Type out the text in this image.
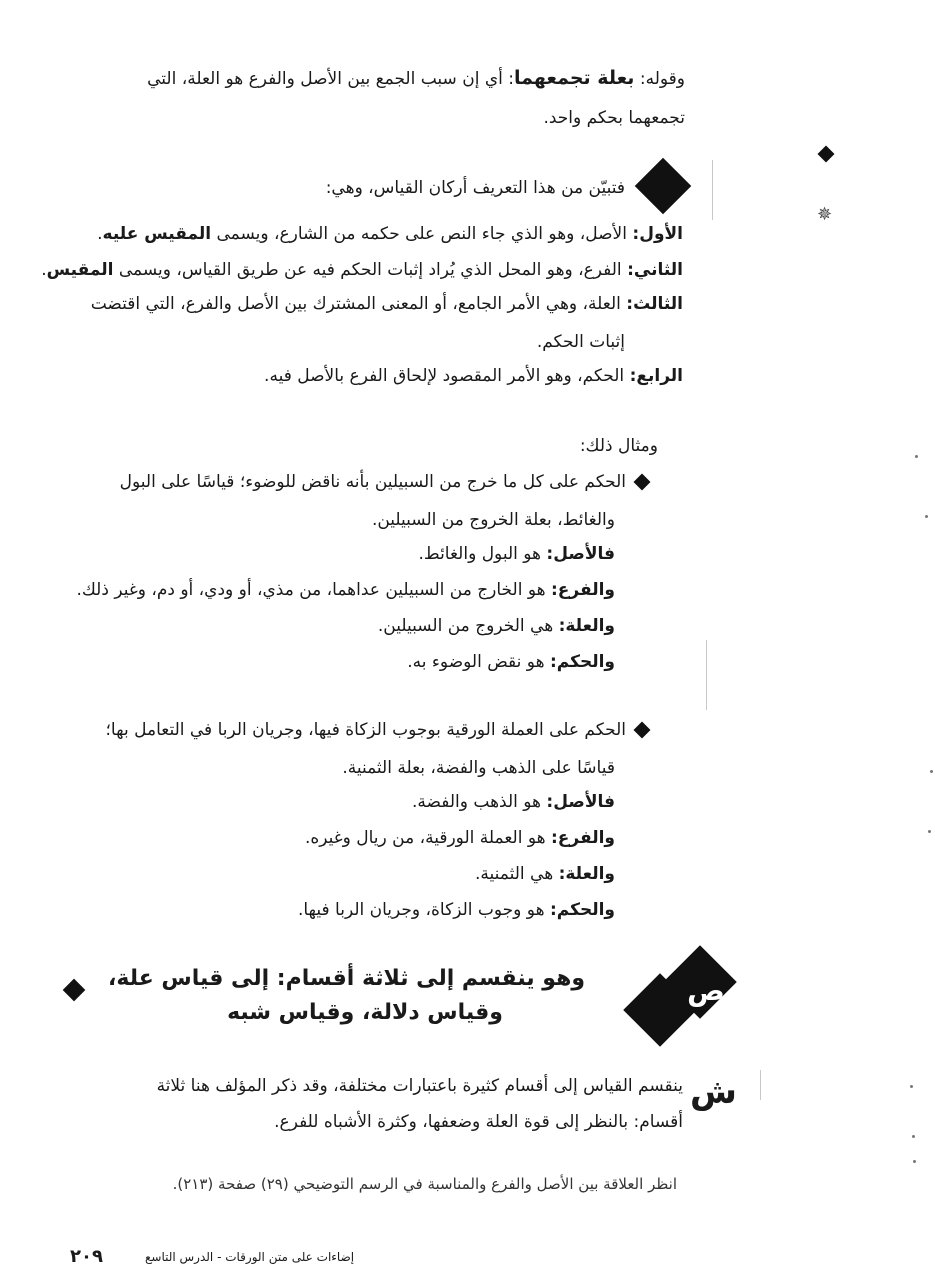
وقوله: بعلة تجمعهما: أي إن سبب الجمع بين الأصل والفرع هو العلة، التي
تجمعهما بحكم واحد.
فتبيّن من هذا التعريف أركان القياس، وهي:
الأول: الأصل، وهو الذي جاء النص على حكمه من الشارع، ويسمى المقيس عليه.
الثاني: الفرع، وهو المحل الذي يُراد إثبات الحكم فيه عن طريق القياس، ويسمى المقيس.
الثالث: العلة، وهي الأمر الجامع، أو المعنى المشترك بين الأصل والفرع، التي اقتضت
إثبات الحكم.
الرابع: الحكم، وهو الأمر المقصود لإلحاق الفرع بالأصل فيه.
ومثال ذلك:
الحكم على كل ما خرج من السبيلين بأنه ناقض للوضوء؛ قياسًا على البول
والغائط، بعلة الخروج من السبيلين.
فالأصل: هو البول والغائط.
والفرع: هو الخارج من السبيلين عداهما، من مذي، أو ودي، أو دم، وغير ذلك.
والعلة: هي الخروج من السبيلين.
والحكم: هو نقض الوضوء به.
الحكم على العملة الورقية بوجوب الزكاة فيها، وجريان الربا في التعامل بها؛
قياسًا على الذهب والفضة، بعلة الثمنية.
فالأصل: هو الذهب والفضة.
والفرع: هو العملة الورقية، من ريال وغيره.
والعلة: هي الثمنية.
والحكم: هو وجوب الزكاة، وجريان الربا فيها.
ص
وهو ينقسم إلى ثلاثة أقسام: إلى قياس علة،
وقياس دلالة، وقياس شبه
ش
ينقسم القياس إلى أقسام كثيرة باعتبارات مختلفة، وقد ذكر المؤلف هنا ثلاثة
أقسام: بالنظر إلى قوة العلة وضعفها، وكثرة الأشباه للفرع.
انظر العلاقة بين الأصل والفرع والمناسبة في الرسم التوضيحي (٢٩) صفحة (٢١٣).
٢٠٩	إضاءات على متن الورقات - الدرس التاسع
✵
